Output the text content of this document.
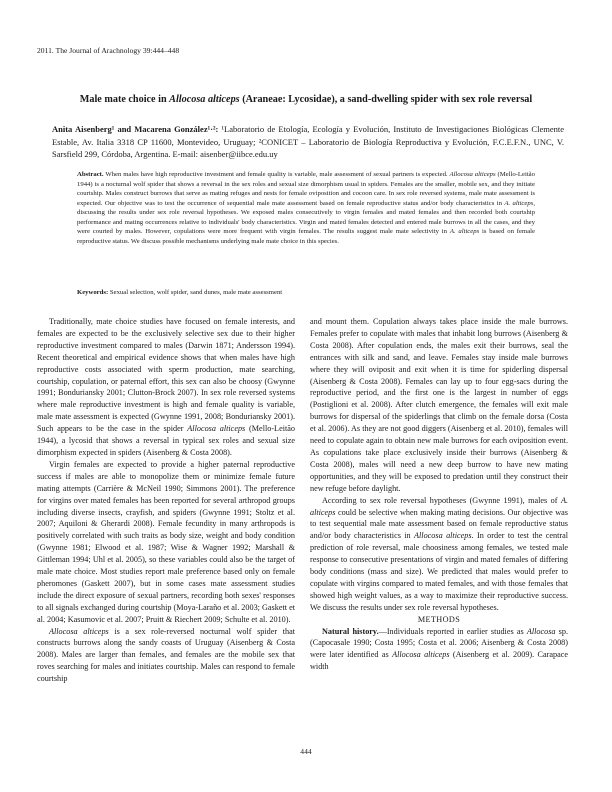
2011. The Journal of Arachnology 39:444–448
Male mate choice in Allocosa alticeps (Araneae: Lycosidae), a sand-dwelling spider with sex role reversal
Anita Aisenberg¹ and Macarena González¹·²: ¹Laboratorio de Etología, Ecología y Evolución, Instituto de Investigaciones Biológicas Clemente Estable, Av. Italia 3318 CP 11600, Montevideo, Uruguay; ²CONICET – Laboratorio de Biología Reproductiva y Evolución, F.C.E.F.N., UNC, V. Sarsfield 299, Córdoba, Argentina. E-mail: aisenber@iibce.edu.uy
Abstract. When males have high reproductive investment and female quality is variable, male assessment of sexual partners is expected. Allocosa alticeps (Mello-Leitão 1944) is a nocturnal wolf spider that shows a reversal in the sex roles and sexual size dimorphism usual in spiders. Females are the smaller, mobile sex, and they initiate courtship. Males construct burrows that serve as mating refuges and nests for female oviposition and cocoon care. In sex role reversed systems, male mate assessment is expected. Our objective was to test the occurrence of sequential male mate assessment based on female reproductive status and/or body characteristics in A. alticeps, discussing the results under sex role reversal hypotheses. We exposed males consecutively to virgin females and mated females and then recorded both courtship performance and mating occurrences relative to individuals' body characteristics. Virgin and mated females detected and entered male burrows in all the cases, and they were courted by males. However, copulations were more frequent with virgin females. The results suggest male mate selectivity in A. alticeps is based on female reproductive status. We discuss possible mechanisms underlying male mate choice in this species.
Keywords: Sexual selection, wolf spider, sand dunes, male mate assessment

Traditionally, mate choice studies have focused on female interests, and females are expected to be the exclusively selective sex due to their higher reproductive investment compared to males (Darwin 1871; Andersson 1994). Recent theoretical and empirical evidence shows that when males have high reproductive costs associated with sperm production, mate searching, courtship, copulation, or paternal effort, this sex can also be choosy (Gwynne 1991; Bonduriansky 2001; Clutton-Brock 2007). In sex role reversed systems where male reproductive investment is high and female quality is variable, male mate assessment is expected (Gwynne 1991, 2008; Bonduriansky 2001). Such appears to be the case in the spider Allocosa alticeps (Mello-Leitão 1944), a lycosid that shows a reversal in typical sex roles and sexual size dimorphism expected in spiders (Aisenberg & Costa 2008).

Virgin females are expected to provide a higher paternal reproductive success if males are able to monopolize them or minimize female future mating attempts (Carrière & McNeil 1990; Simmons 2001). The preference for virgins over mated females has been reported for several arthropod groups including diverse insects, crayfish, and spiders (Gwynne 1991; Stoltz et al. 2007; Aquiloni & Gherardi 2008). Female fecundity in many arthropods is positively correlated with such traits as body size, weight and body condition (Gwynne 1981; Elwood et al. 1987; Wise & Wagner 1992; Marshall & Gittleman 1994; Uhl et al. 2005), so these variables could also be the target of male mate choice. Most studies report male preference based only on female pheromones (Gaskett 2007), but in some cases mate assessment studies include the direct exposure of sexual partners, recording both sexes' responses to all signals exchanged during courtship (Moya-Laraño et al. 2003; Gaskett et al. 2004; Kasumovic et al. 2007; Pruitt & Riechert 2009; Schulte et al. 2010).

Allocosa alticeps is a sex role-reversed nocturnal wolf spider that constructs burrows along the sandy coasts of Uruguay (Aisenberg & Costa 2008). Males are larger than females, and females are the mobile sex that roves searching for males and initiates courtship. Males can respond to female courtship

and mount them. Copulation always takes place inside the male burrows. Females prefer to copulate with males that inhabit long burrows (Aisenberg & Costa 2008). After copulation ends, the males exit their burrows, seal the entrances with silk and sand, and leave. Females stay inside male burrows where they will oviposit and exit when it is time for spiderling dispersal (Aisenberg & Costa 2008). Females can lay up to four egg-sacs during the reproductive period, and the first one is the largest in number of eggs (Postiglioni et al. 2008). After clutch emergence, the females will exit male burrows for dispersal of the spiderlings that climb on the female dorsa (Costa et al. 2006). As they are not good diggers (Aisenberg et al. 2010), females will need to copulate again to obtain new male burrows for each oviposition event. As copulations take place exclusively inside their burrows (Aisenberg & Costa 2008), males will need a new deep burrow to have new mating opportunities, and they will be exposed to predation until they construct their new refuge before daylight.

According to sex role reversal hypotheses (Gwynne 1991), males of A. alticeps could be selective when making mating decisions. Our objective was to test sequential male mate assessment based on female reproductive status and/or body characteristics in Allocosa alticeps. In order to test the central prediction of role reversal, male choosiness among females, we tested male response to consecutive presentations of virgin and mated females of differing body conditions (mass and size). We predicted that males would prefer to copulate with virgins compared to mated females, and with those females that showed high weight values, as a way to maximize their reproductive success. We discuss the results under sex role reversal hypotheses.

METHODS

Natural history.—Individuals reported in earlier studies as Allocosa sp. (Capocasale 1990; Costa 1995; Costa et al. 2006; Aisenberg & Costa 2008) were later identified as Allocosa alticeps (Aisenberg et al. 2009). Carapace width

444
